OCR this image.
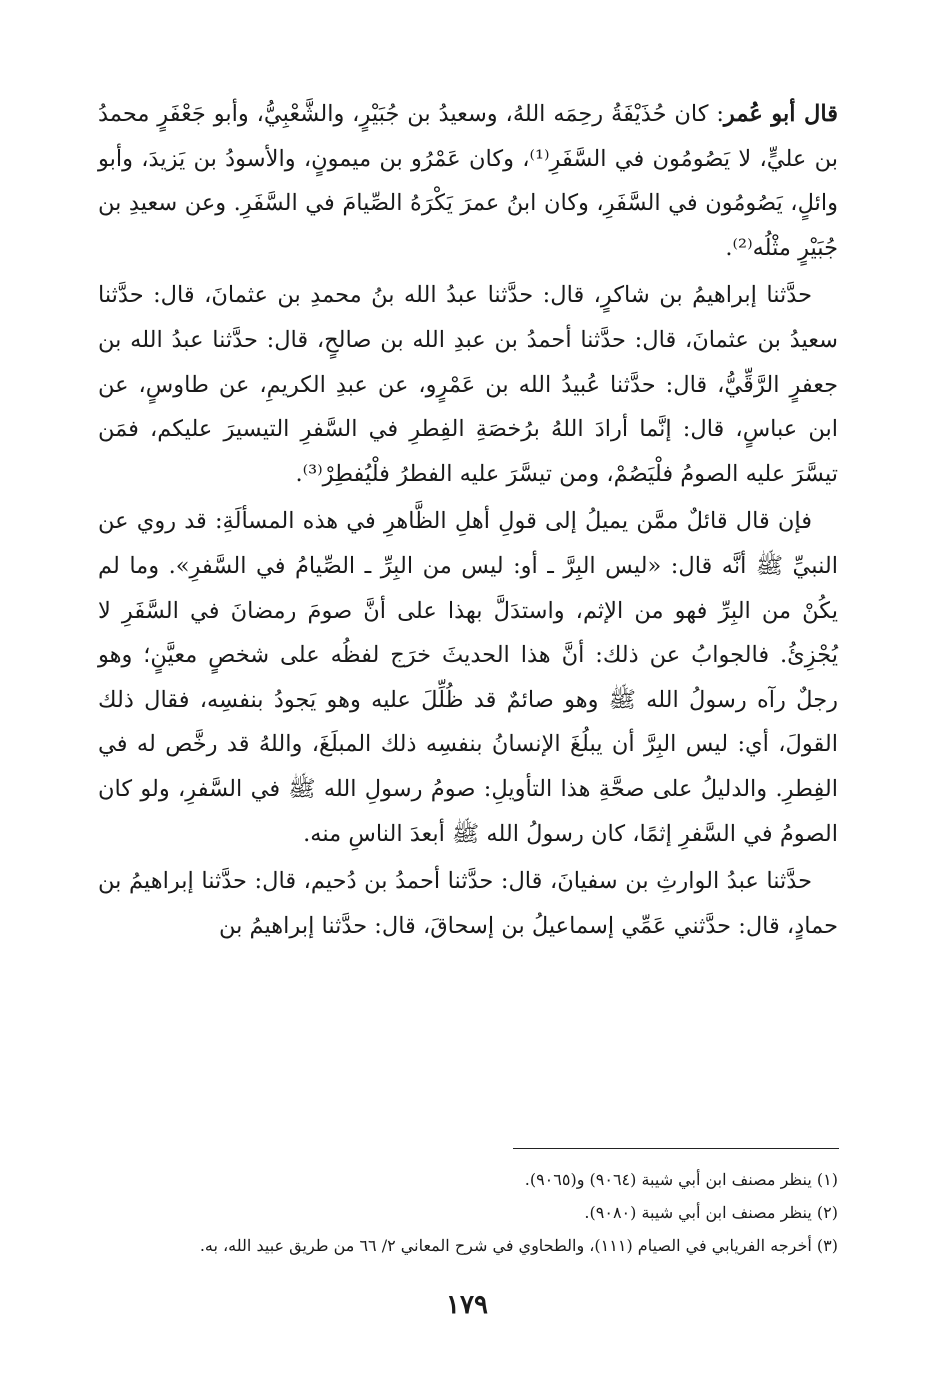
قال أبو عُمر: كان حُذَيْفَةُ رحِمَه اللهُ، وسعيدُ بن جُبَيْرٍ، والشَّعْبِيُّ، وأبو جَعْفَرٍ محمدُ بن عليٍّ، لا يَصُومُون في السَّفَرِ⁽¹⁾، وكان عَمْرُو بن ميمونٍ، والأسودُ بن يَزيدَ، وأبو وائلٍ، يَصُومُون في السَّفَرِ، وكان ابنُ عمرَ يَكْرَهُ الصِّيامَ في السَّفَرِ. وعن سعيدِ بن جُبَيْرٍ مثْلُه⁽²⁾.

حدَّثنا إبراهيمُ بن شاكرٍ، قال: حدَّثنا عبدُ الله بنُ محمدِ بن عثمانَ، قال: حدَّثنا سعيدُ بن عثمانَ، قال: حدَّثنا أحمدُ بن عبدِ الله بن صالحٍ، قال: حدَّثنا عبدُ الله بن جعفرٍ الرَّقِّيُّ، قال: حدَّثنا عُبيدُ الله بن عَمْرٍو، عن عبدِ الكريمِ، عن طاوسٍ، عن ابن عباسٍ، قال: إنَّما أرادَ اللهُ برُخصَةِ الفِطرِ في السَّفرِ التيسيرَ عليكم، فمَن تيسَّرَ عليه الصومُ فلْيَصُمْ، ومن تيسَّرَ عليه الفطرُ فلْيُفطِرْ⁽³⁾.

فإن قال قائلٌ ممَّن يميلُ إلى قولِ أهلِ الظَّاهرِ في هذه المسألَةِ: قد روي عن النبيِّ ﷺ أنَّه قال: «ليس البِرَّ ـ أو: ليس من البِرِّ ـ الصِّيامُ في السَّفرِ». وما لم يكُنْ من البِرِّ فهو من الإثم، واستدَلَّ بهذا على أنَّ صومَ رمضانَ في السَّفَرِ لا يُجْزِئُ. فالجوابُ عن ذلك: أنَّ هذا الحديثَ خرَج لفظُه على شخصٍ معيَّنٍ؛ وهو رجلٌ رآه رسولُ الله ﷺ وهو صائمٌ قد ظُلِّلَ عليه وهو يَجودُ بنفسِه، فقال ذلك القولَ، أي: ليس البِرَّ أن يبلُغَ الإنسانُ بنفسِه ذلك المبلَغَ، واللهُ قد رخَّص له في الفِطرِ. والدليلُ على صحَّةِ هذا التأويلِ: صومُ رسولِ الله ﷺ في السَّفرِ، ولو كان الصومُ في السَّفرِ إثمًا، كان رسولُ الله ﷺ أبعدَ الناسِ منه.

حدَّثنا عبدُ الوارثِ بن سفيانَ، قال: حدَّثنا أحمدُ بن دُحيم، قال: حدَّثنا إبراهيمُ بن حمادٍ، قال: حدَّثني عَمِّي إسماعيلُ بن إسحاقَ، قال: حدَّثنا إبراهيمُ بن

(١) ينظر مصنف ابن أبي شيبة (٩٠٦٤) و(٩٠٦٥).
(٢) ينظر مصنف ابن أبي شيبة (٩٠٨٠).
(٣) أخرجه الفريابي في الصيام (١١١)، والطحاوي في شرح المعاني ٢/ ٦٦ من طريق عبيد الله، به.
١٧٩
